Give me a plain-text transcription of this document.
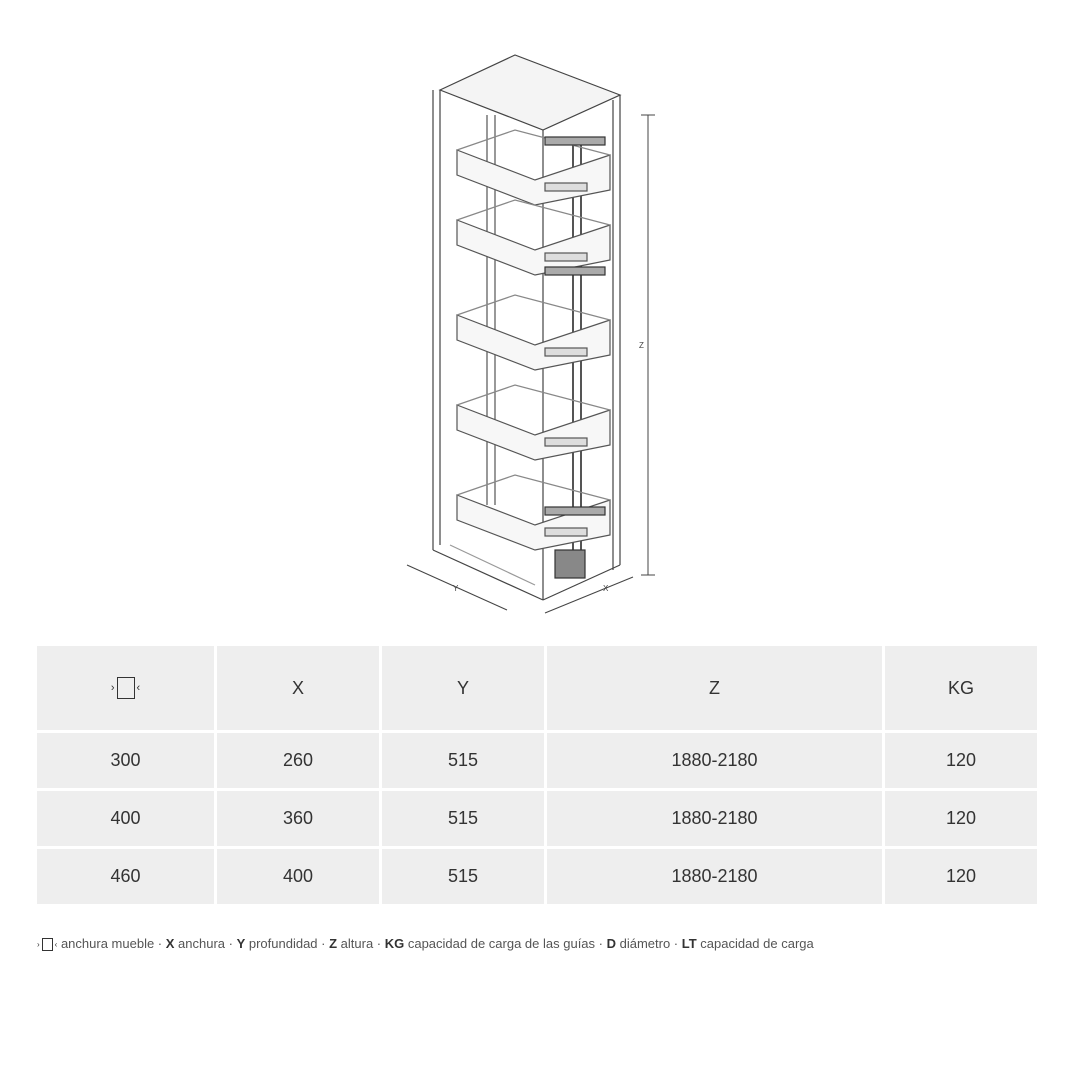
Z
Y	X
› ‹	X	Y	Z	KG
300	260	515	1880-2180	120
400	360	515	1880-2180	120
460	400	515	1880-2180	120
› ‹ anchura mueble · X anchura · Y profundidad · Z altura · KG capacidad de carga de las guías · D diámetro · LT capacidad de carga
